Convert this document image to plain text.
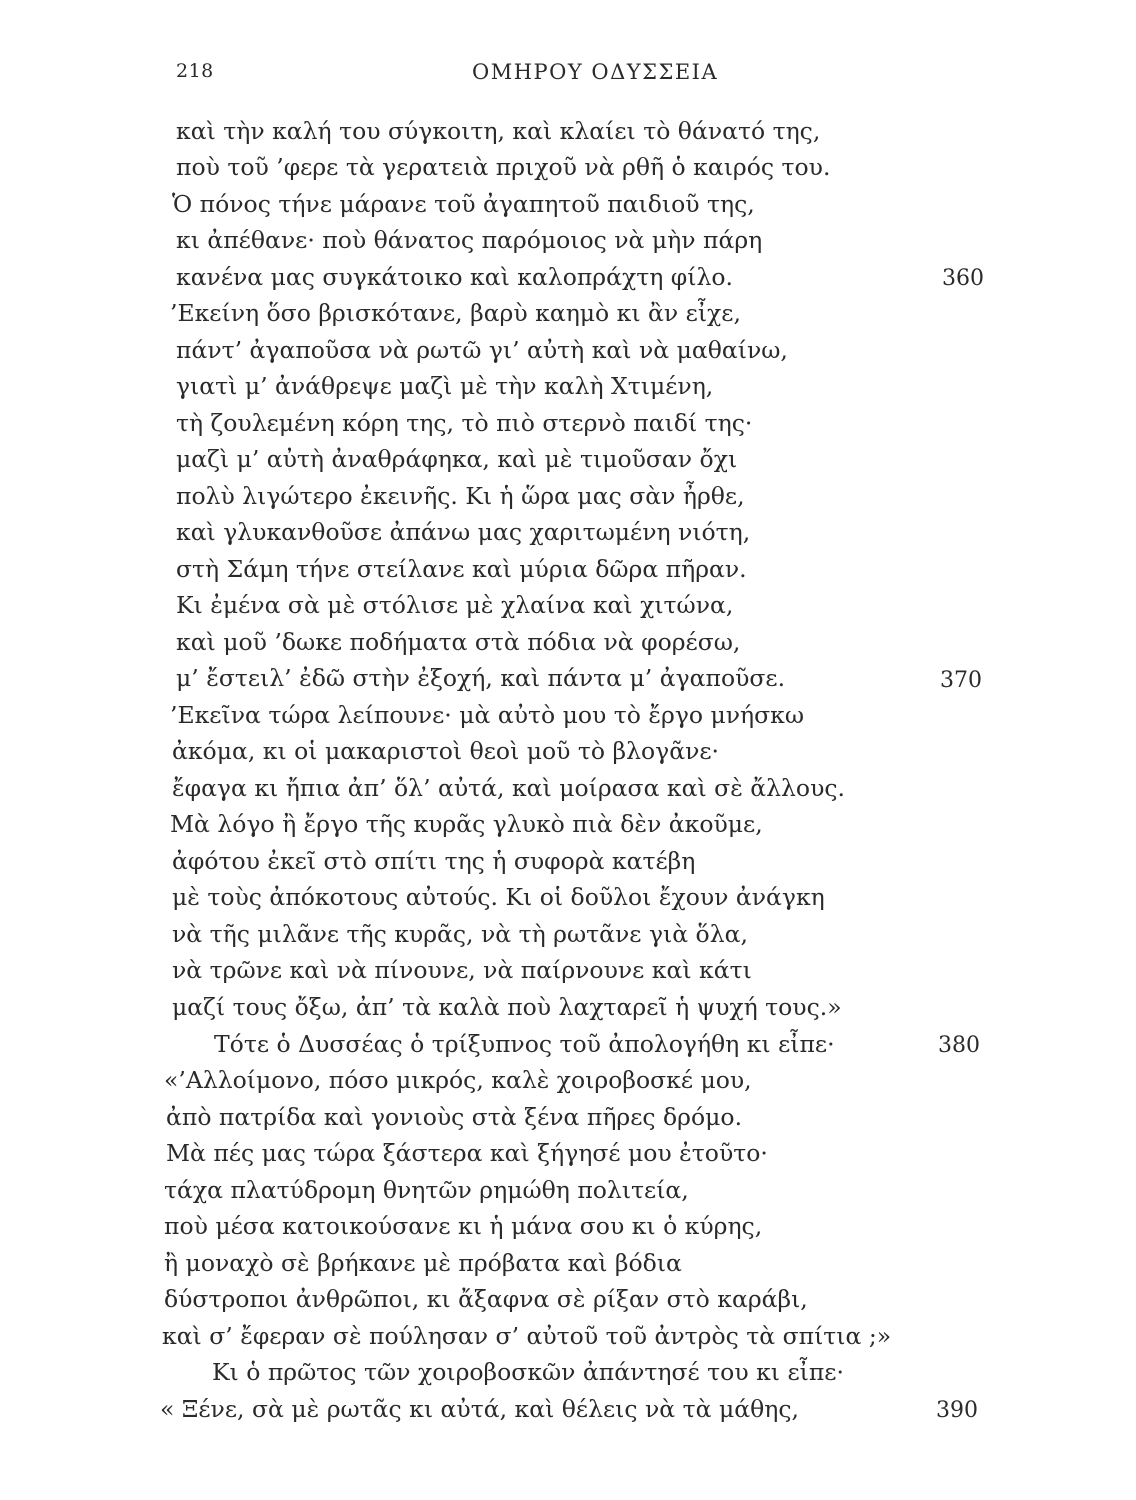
218	ΟΜΗΡΟΥ ΟΔΥΣΣΕΙΑ
καὶ τὴν καλή του σύγκοιτη, καὶ κλαίει τὸ θάνατό της,
ποὺ τοῦ ’φερε τὰ γερατειὰ πριχοῦ νὰ ρθῆ ὁ καιρός του.
Ὁ πόνος τήνε μάρανε τοῦ ἀγαπητοῦ παιδιοῦ της,
κι ἀπέθανε· ποὺ θάνατος παρόμοιος νὰ μὴν πάρη
κανένα μας συγκάτοικο καὶ καλοπράχτη φίλο.
’Εκείνη ὅσο βρισκότανε, βαρὺ καημὸ κι ἂν εἶχε,
πάντ’ ἀγαποῦσα νὰ ρωτῶ γι’ αὐτὴ καὶ νὰ μαθαίνω,
γιατὶ μ’ ἀνάθρεψε μαζὶ μὲ τὴν καλὴ Χτιμένη,
τὴ ζουλεμένη κόρη της, τὸ πιὸ στερνὸ παιδί της·
μαζὶ μ’ αὐτὴ ἀναθράφηκα, καὶ μὲ τιμοῦσαν ὄχι
πολὺ λιγώτερο ἐκεινῆς. Κι ἡ ὥρα μας σὰν ἦρθε,
καὶ γλυκανθοῦσε ἀπάνω μας χαριτωμένη νιότη,
στὴ Σάμη τήνε στείλανε καὶ μύρια δῶρα πῆραν.
Κι ἐμένα σὰ μὲ στόλισε μὲ χλαίνα καὶ χιτώνα,
καὶ μοῦ ’δωκε ποδήματα στὰ πόδια νὰ φορέσω,
μ’ ἔστειλ’ ἐδῶ στὴν ἐξοχή, καὶ πάντα μ’ ἀγαποῦσε.
’Εκεῖνα τώρα λείπουνε· μὰ αὐτὸ μου τὸ ἔργο μνήσκω
ἀκόμα, κι οἱ μακαριστοὶ θεοὶ μοῦ τὸ βλογᾶνε·
ἔφαγα κι ἤπια ἀπ’ ὅλ’ αὐτά, καὶ μοίρασα καὶ σὲ ἄλλους.
Μὰ λόγο ἢ ἔργο τῆς κυρᾶς γλυκὸ πιὰ δὲν ἀκοῦμε,
ἀφότου ἐκεῖ στὸ σπίτι της ἡ συφορὰ κατέβη
μὲ τοὺς ἀπόκοτους αὐτούς. Κι οἱ δοῦλοι ἔχουν ἀνάγκη
νὰ τῆς μιλᾶνε τῆς κυρᾶς, νὰ τὴ ρωτᾶνε γιὰ ὅλα,
νὰ τρῶνε καὶ νὰ πίνουνε, νὰ παίρνουνε καὶ κάτι
μαζί τους ὄξω, ἀπ’ τὰ καλὰ ποὺ λαχταρεῖ ἡ ψυχή τους.»
Τότε ὁ Δυσσέας ὁ τρίξυπνος τοῦ ἀπολογήθη κι εἶπε·
«’Αλλοίμονο, πόσο μικρός, καλὲ χοιροβοσκέ μου,
ἀπὸ πατρίδα καὶ γονιοὺς στὰ ξένα πῆρες δρόμο.
Μὰ πές μας τώρα ξάστερα καὶ ξήγησέ μου ἐτοῦτο·
τάχα πλατύδρομη θνητῶν ρημώθη πολιτεία,
ποὺ μέσα κατοικούσανε κι ἡ μάνα σου κι ὁ κύρης,
ἢ μοναχὸ σὲ βρήκανε μὲ πρόβατα καὶ βόδια
δύστροποι ἀνθρῶποι, κι ἄξαφνα σὲ ρίξαν στὸ καράβι,
καὶ σ’ ἔφεραν σὲ πούλησαν σ’ αὐτοῦ τοῦ ἀντρὸς τὰ σπίτια ;»
Κι ὁ πρῶτος τῶν χοιροβοσκῶν ἀπάντησέ του κι εἶπε·
« Ξένε, σὰ μὲ ρωτᾶς κι αὐτά, καὶ θέλεις νὰ τὰ μάθης,
360
370
380
390
